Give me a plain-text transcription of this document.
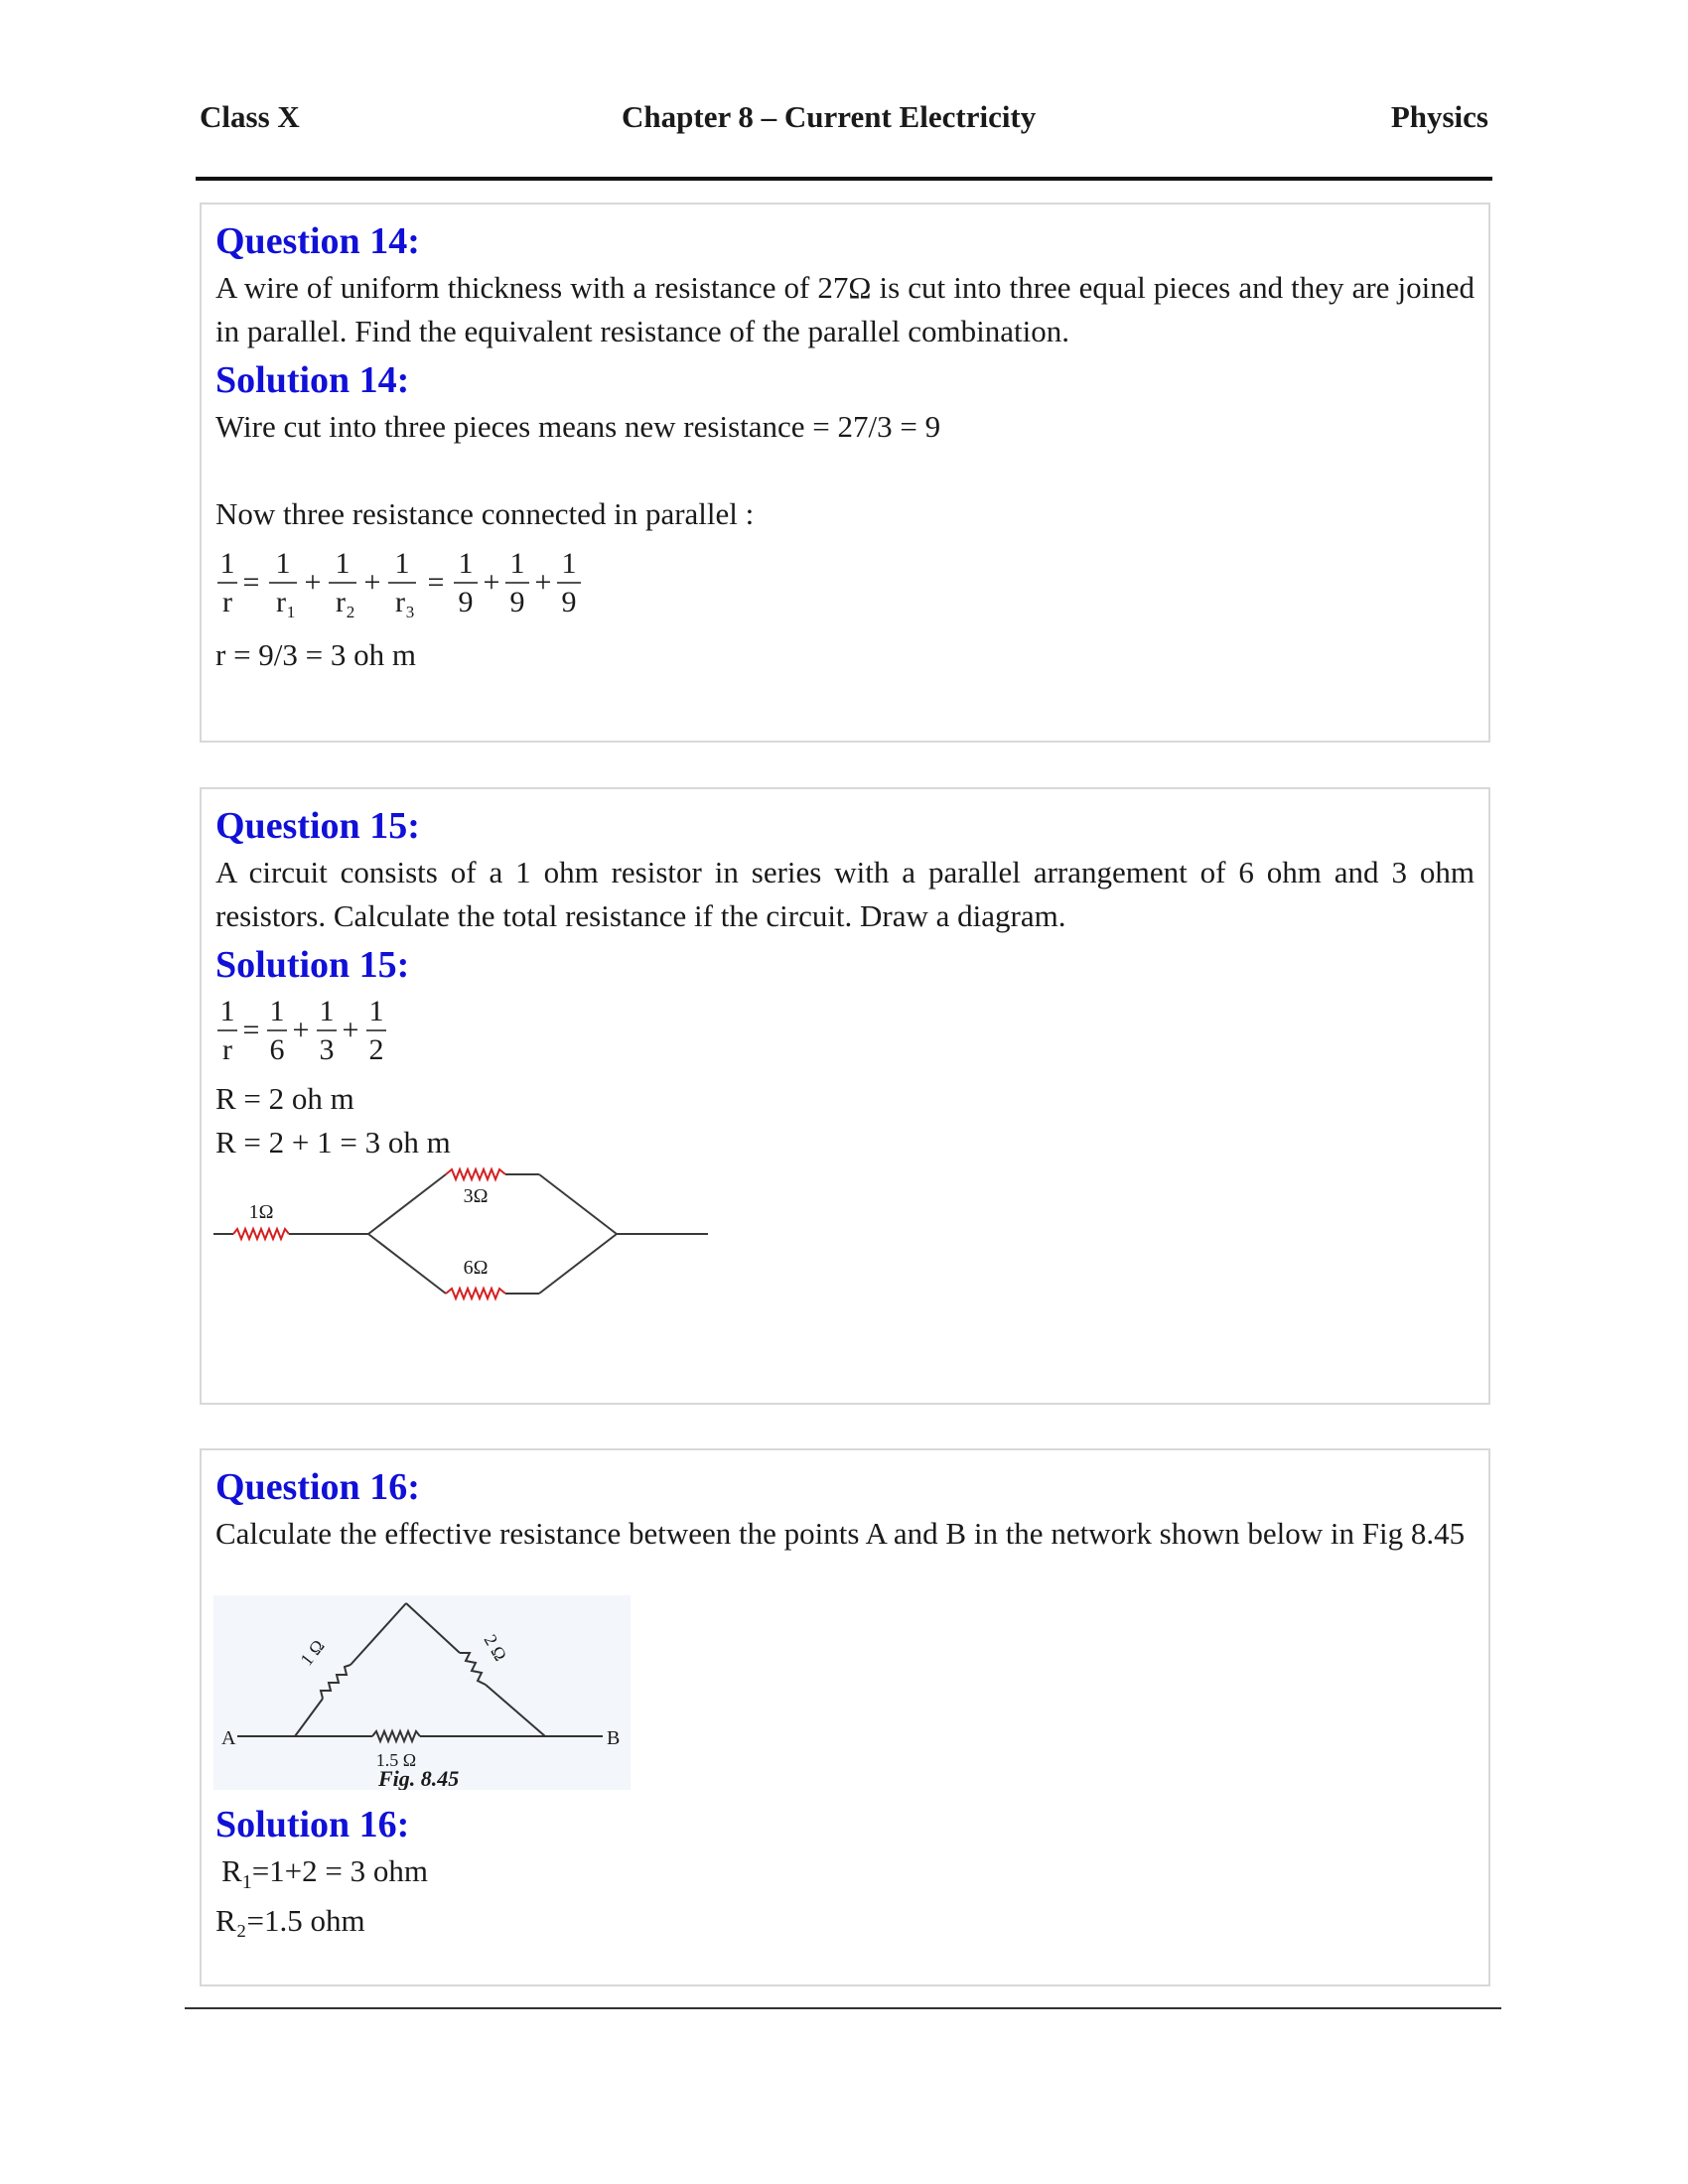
Class X	Chapter 8 – Current Electricity	Physics
Question 14:
A wire of uniform thickness with a resistance of 27Ω is cut into three equal pieces and they are joined in parallel. Find the equivalent resistance of the parallel combination.
Solution 14:
Wire cut into three pieces means new resistance = 27/3 = 9
Now three resistance connected in parallel :
1
r
=
1
r 1
+
1
r 2
+
1
r 3
=
1
9
+
1
9
+
1
9
r = 9/3 = 3 oh m
Question 15:
A circuit consists of a 1 ohm resistor in series with a parallel arrangement of 6 ohm and 3 ohm resistors. Calculate the total resistance if the circuit. Draw a diagram.
Solution 15:
1
r
=
1
6
+
1
3
+
1
2
R = 2 oh m
R = 2 + 1 = 3 oh m
1Ω
3Ω
6Ω
Question 16:
Calculate the effective resistance between the points A and B in the network shown below in Fig 8.45
A	B
1.5 Ω
1 Ω	2 Ω
Fig. 8.45
Solution 16:
$R_1=1+2 = 3$ ohm
R₂=1.5 ohm
